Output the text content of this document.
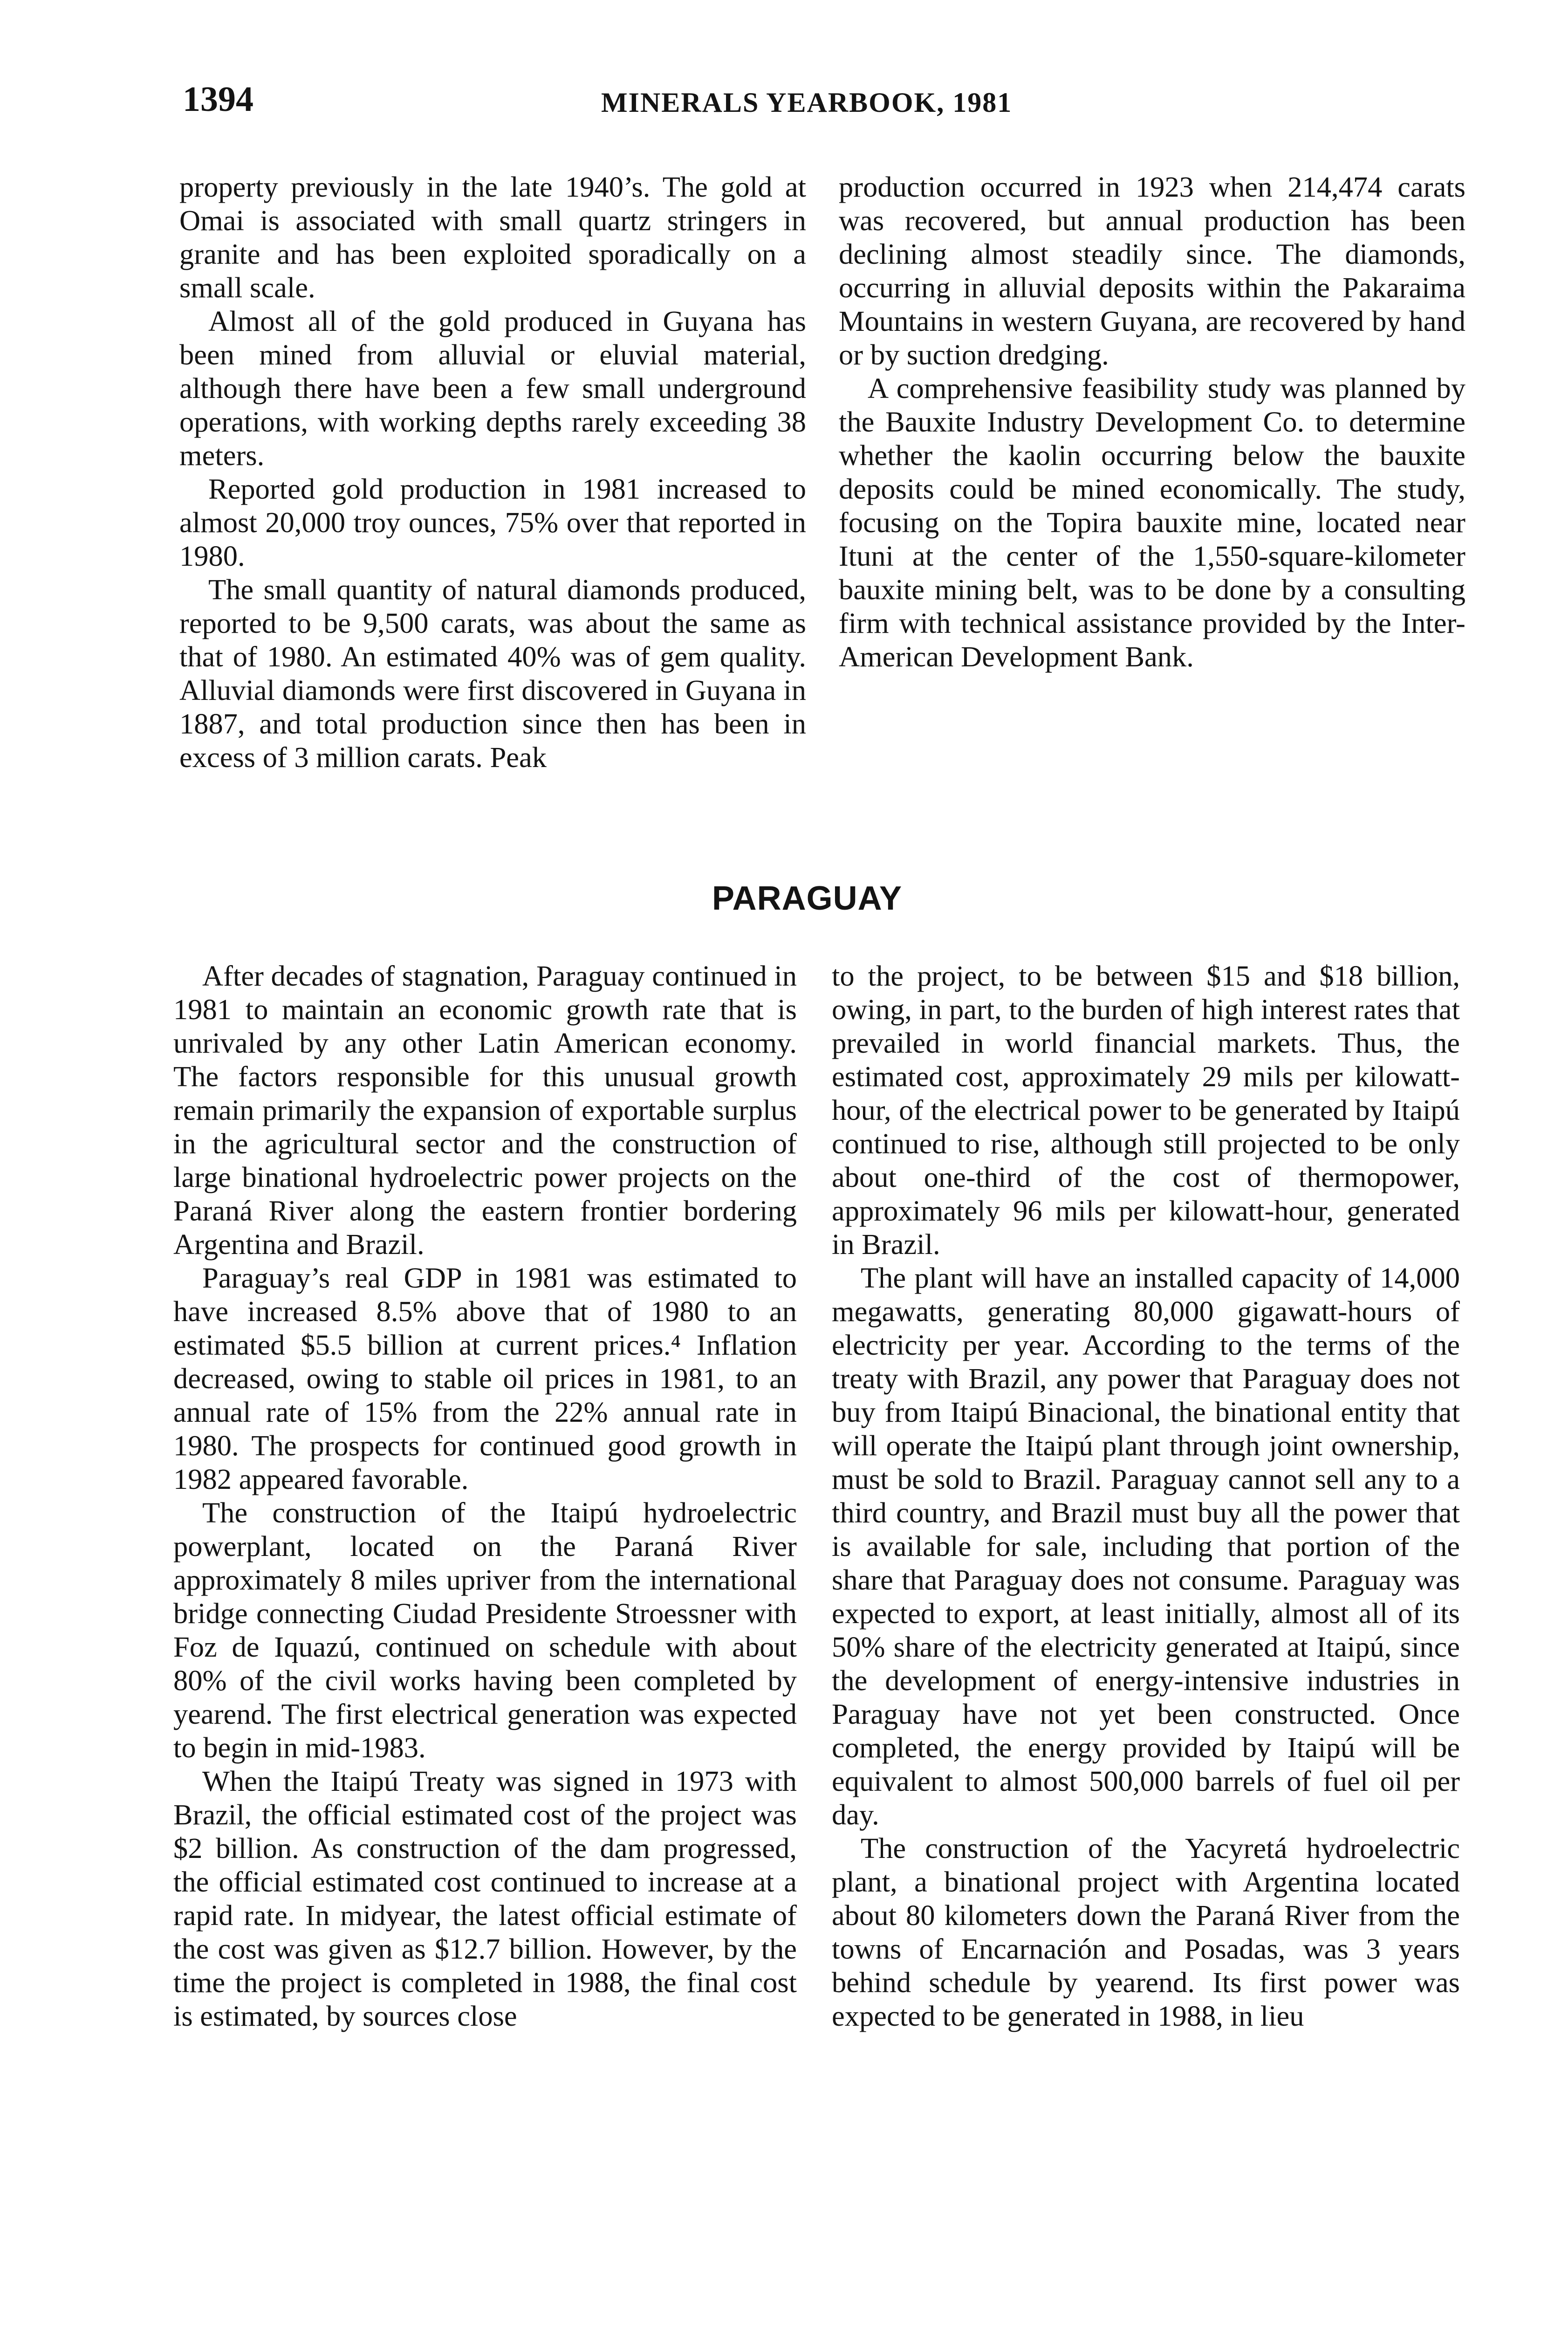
1394	MINERALS YEARBOOK, 1981

property previously in the late 1940’s. The gold at Omai is associated with small quartz stringers in granite and has been exploited sporadically on a small scale.

Almost all of the gold produced in Guyana has been mined from alluvial or eluvial material, although there have been a few small underground operations, with working depths rarely exceeding 38 meters.

Reported gold production in 1981 increased to almost 20,000 troy ounces, 75% over that reported in 1980.

The small quantity of natural diamonds produced, reported to be 9,500 carats, was about the same as that of 1980. An estimated 40% was of gem quality. Alluvial diamonds were first discovered in Guyana in 1887, and total production since then has been in excess of 3 million carats. Peak

production occurred in 1923 when 214,474 carats was recovered, but annual production has been declining almost steadily since. The diamonds, occurring in alluvial deposits within the Pakaraima Mountains in western Guyana, are recovered by hand or by suction dredging.

A comprehensive feasibility study was planned by the Bauxite Industry Development Co. to determine whether the kaolin occurring below the bauxite deposits could be mined economically. The study, focusing on the Topira bauxite mine, located near Ituni at the center of the 1,550-square-kilometer bauxite mining belt, was to be done by a consulting firm with technical assistance provided by the Inter-American Development Bank.

PARAGUAY

After decades of stagnation, Paraguay continued in 1981 to maintain an economic growth rate that is unrivaled by any other Latin American economy. The factors responsible for this unusual growth remain primarily the expansion of exportable surplus in the agricultural sector and the construction of large binational hydroelectric power projects on the Paraná River along the eastern frontier bordering Argentina and Brazil.

Paraguay’s real GDP in 1981 was estimated to have increased 8.5% above that of 1980 to an estimated $5.5 billion at current prices.⁴ Inflation decreased, owing to stable oil prices in 1981, to an annual rate of 15% from the 22% annual rate in 1980. The prospects for continued good growth in 1982 appeared favorable.

The construction of the Itaipú hydroelectric powerplant, located on the Paraná River approximately 8 miles upriver from the international bridge connecting Ciudad Presidente Stroessner with Foz de Iquazú, continued on schedule with about 80% of the civil works having been completed by yearend. The first electrical generation was expected to begin in mid-1983.

When the Itaipú Treaty was signed in 1973 with Brazil, the official estimated cost of the project was $2 billion. As construction of the dam progressed, the official estimated cost continued to increase at a rapid rate. In midyear, the latest official estimate of the cost was given as $12.7 billion. However, by the time the project is completed in 1988, the final cost is estimated, by sources close

to the project, to be between $15 and $18 billion, owing, in part, to the burden of high interest rates that prevailed in world financial markets. Thus, the estimated cost, approximately 29 mils per kilowatt-hour, of the electrical power to be generated by Itaipú continued to rise, although still projected to be only about one-third of the cost of thermopower, approximately 96 mils per kilowatt-hour, generated in Brazil.

The plant will have an installed capacity of 14,000 megawatts, generating 80,000 gigawatt-hours of electricity per year. According to the terms of the treaty with Brazil, any power that Paraguay does not buy from Itaipú Binacional, the binational entity that will operate the Itaipú plant through joint ownership, must be sold to Brazil. Paraguay cannot sell any to a third country, and Brazil must buy all the power that is available for sale, including that portion of the share that Paraguay does not consume. Paraguay was expected to export, at least initially, almost all of its 50% share of the electricity generated at Itaipú, since the development of energy-intensive industries in Paraguay have not yet been constructed. Once completed, the energy provided by Itaipú will be equivalent to almost 500,000 barrels of fuel oil per day.

The construction of the Yacyretá hydroelectric plant, a binational project with Argentina located about 80 kilometers down the Paraná River from the towns of Encarnación and Posadas, was 3 years behind schedule by yearend. Its first power was expected to be generated in 1988, in lieu
